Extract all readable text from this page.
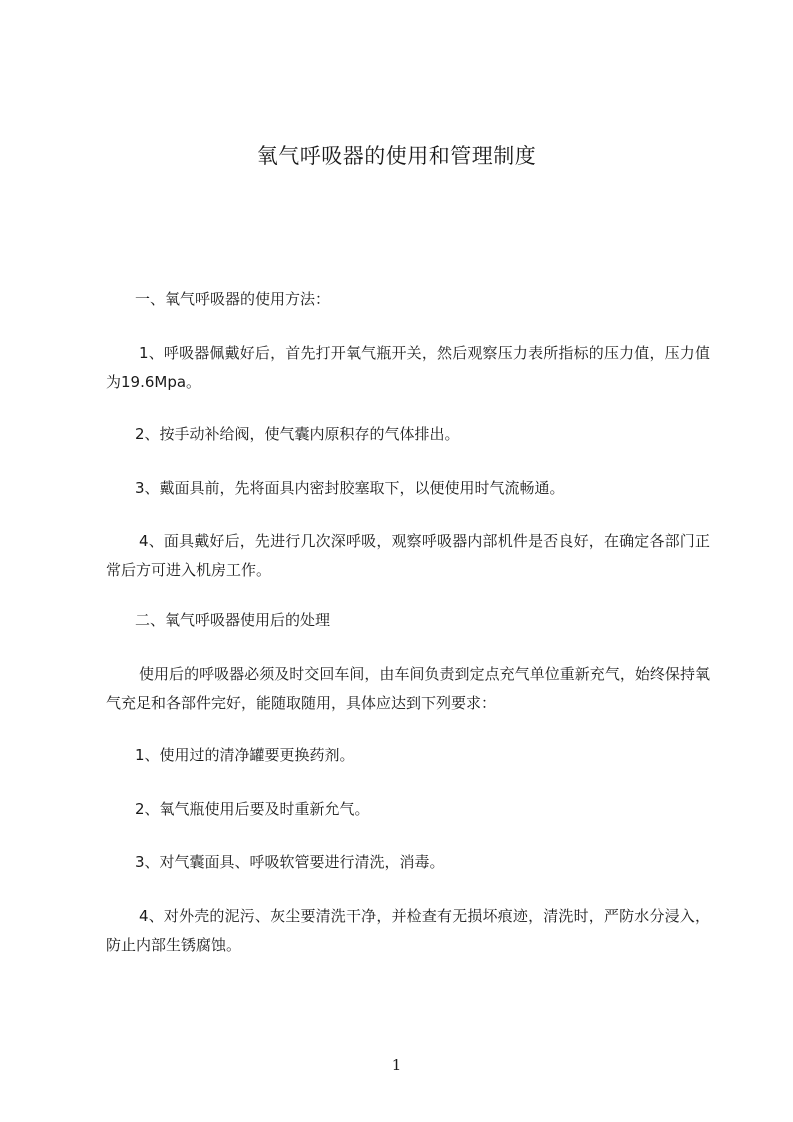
氧气呼吸器的使用和管理制度

一、氧气呼吸器的使用方法：

1、呼吸器佩戴好后，首先打开氧气瓶开关，然后观察压力表所指标的压力值，压力值为19.6Mpa。

2、按手动补给阀，使气囊内原积存的气体排出。

3、戴面具前，先将面具内密封胶塞取下，以便使用时气流畅通。

4、面具戴好后，先进行几次深呼吸，观察呼吸器内部机件是否良好，在确定各部门正常后方可进入机房工作。

二、氧气呼吸器使用后的处理

使用后的呼吸器必须及时交回车间，由车间负责到定点充气单位重新充气，始终保持氧气充足和各部件完好，能随取随用，具体应达到下列要求：

1、使用过的清净罐要更换药剂。

2、氧气瓶使用后要及时重新允气。

3、对气囊面具、呼吸软管要进行清洗，消毒。

4、对外壳的泥污、灰尘要清洗干净，并检查有无损坏痕迹，清洗时，严防水分浸入，防止内部生锈腐蚀。

1
